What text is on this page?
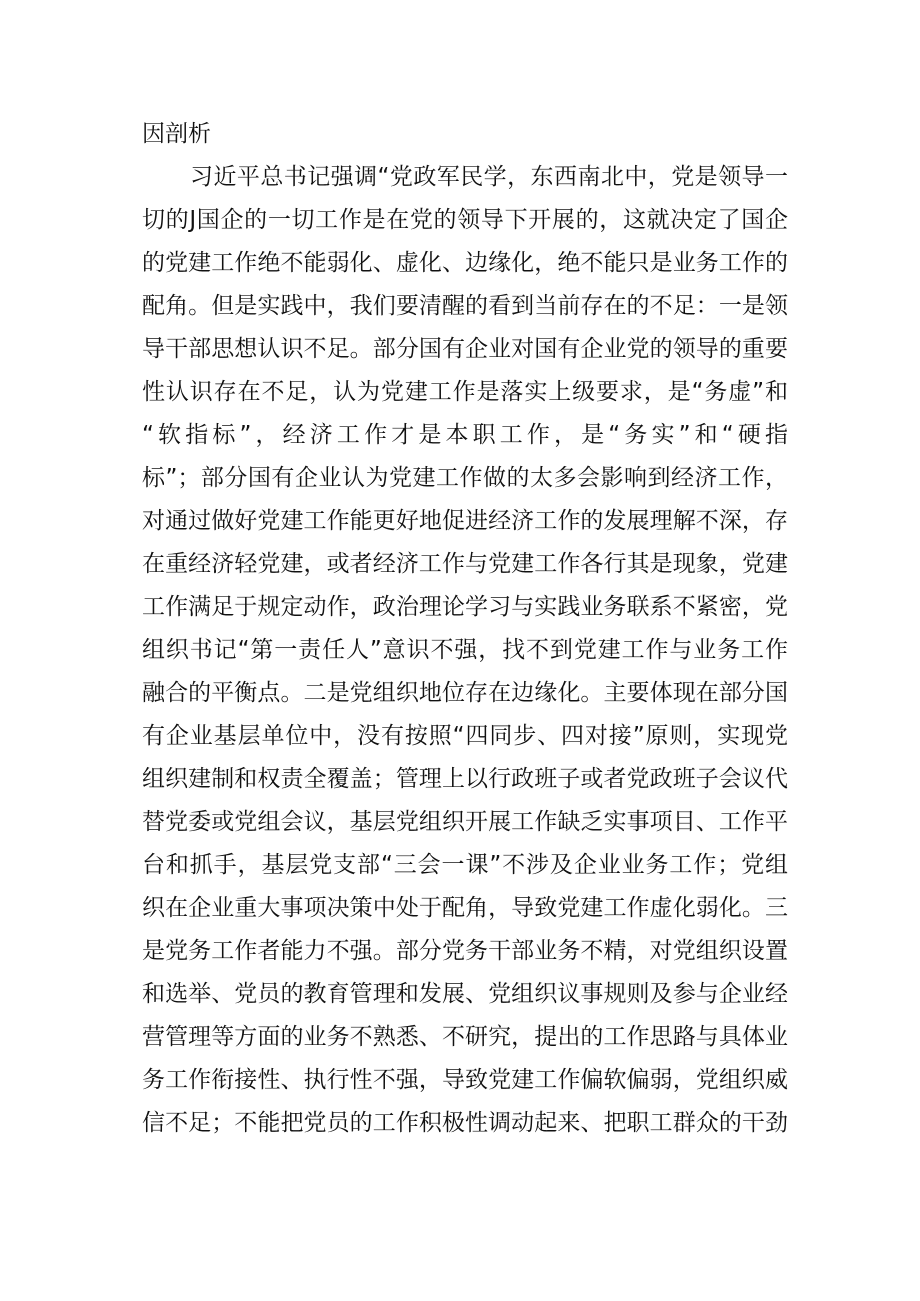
因剖析
习近平总书记强调“党政军民学，东西南北中，党是领导一
切的J国企的一切工作是在党的领导下开展的，这就决定了国企
的党建工作绝不能弱化、虚化、边缘化，绝不能只是业务工作的
配角。但是实践中，我们要清醒的看到当前存在的不足：一是领
导干部思想认识不足。部分国有企业对国有企业党的领导的重要
性认识存在不足，认为党建工作是落实上级要求，是“务虚”和
“软指标”，经济工作才是本职工作，是“务实”和“硬指
标”；部分国有企业认为党建工作做的太多会影响到经济工作，
对通过做好党建工作能更好地促进经济工作的发展理解不深，存
在重经济轻党建，或者经济工作与党建工作各行其是现象，党建
工作满足于规定动作，政治理论学习与实践业务联系不紧密，党
组织书记“第一责任人”意识不强，找不到党建工作与业务工作
融合的平衡点。二是党组织地位存在边缘化。主要体现在部分国
有企业基层单位中，没有按照“四同步、四对接”原则，实现党
组织建制和权责全覆盖；管理上以行政班子或者党政班子会议代
替党委或党组会议，基层党组织开展工作缺乏实事项目、工作平
台和抓手，基层党支部“三会一课”不涉及企业业务工作；党组
织在企业重大事项决策中处于配角，导致党建工作虚化弱化。三
是党务工作者能力不强。部分党务干部业务不精，对党组织设置
和选举、党员的教育管理和发展、党组织议事规则及参与企业经
营管理等方面的业务不熟悉、不研究，提出的工作思路与具体业
务工作衔接性、执行性不强，导致党建工作偏软偏弱，党组织威
信不足；不能把党员的工作积极性调动起来、把职工群众的干劲
